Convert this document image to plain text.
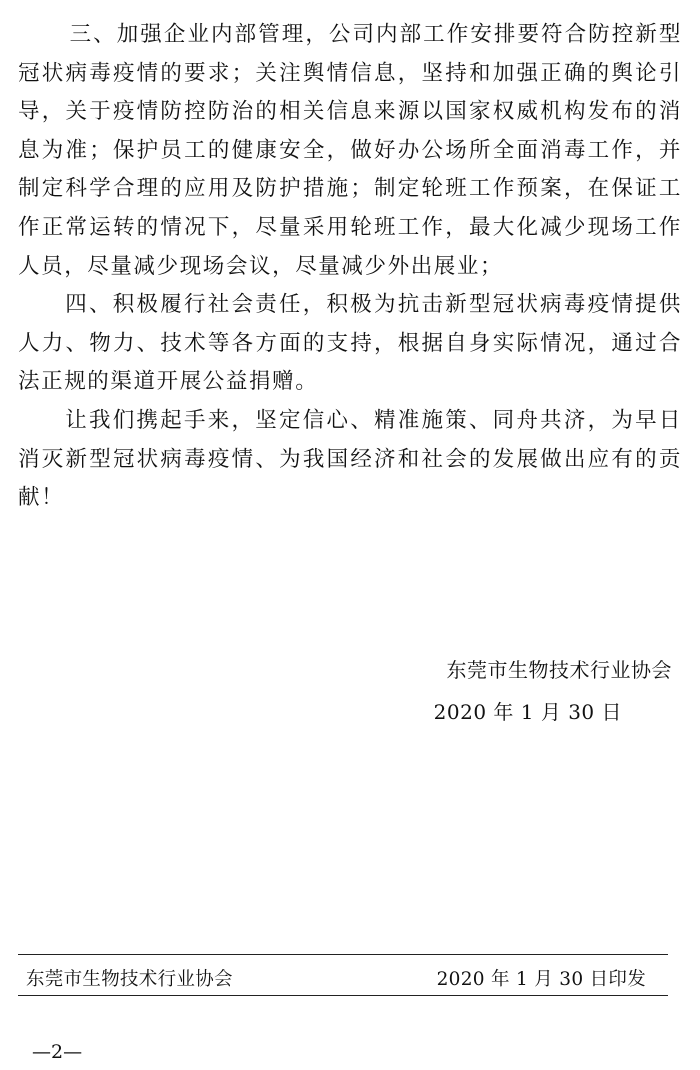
三、加强企业内部管理，公司内部工作安排要符合防控新型冠状病毒疫情的要求；关注舆情信息，坚持和加强正确的舆论引导，关于疫情防控防治的相关信息来源以国家权威机构发布的消息为准；保护员工的健康安全，做好办公场所全面消毒工作，并制定科学合理的应用及防护措施；制定轮班工作预案，在保证工作正常运转的情况下，尽量采用轮班工作，最大化减少现场工作人员，尽量减少现场会议，尽量减少外出展业；

四、积极履行社会责任，积极为抗击新型冠状病毒疫情提供人力、物力、技术等各方面的支持，根据自身实际情况，通过合法正规的渠道开展公益捐赠。

让我们携起手来，坚定信心、精准施策、同舟共济，为早日消灭新型冠状病毒疫情、为我国经济和社会的发展做出应有的贡献！

东莞市生物技术行业协会
2020 年 1 月 30 日
东莞市生物技术行业协会	2020 年 1 月 30 日印发
—2—
